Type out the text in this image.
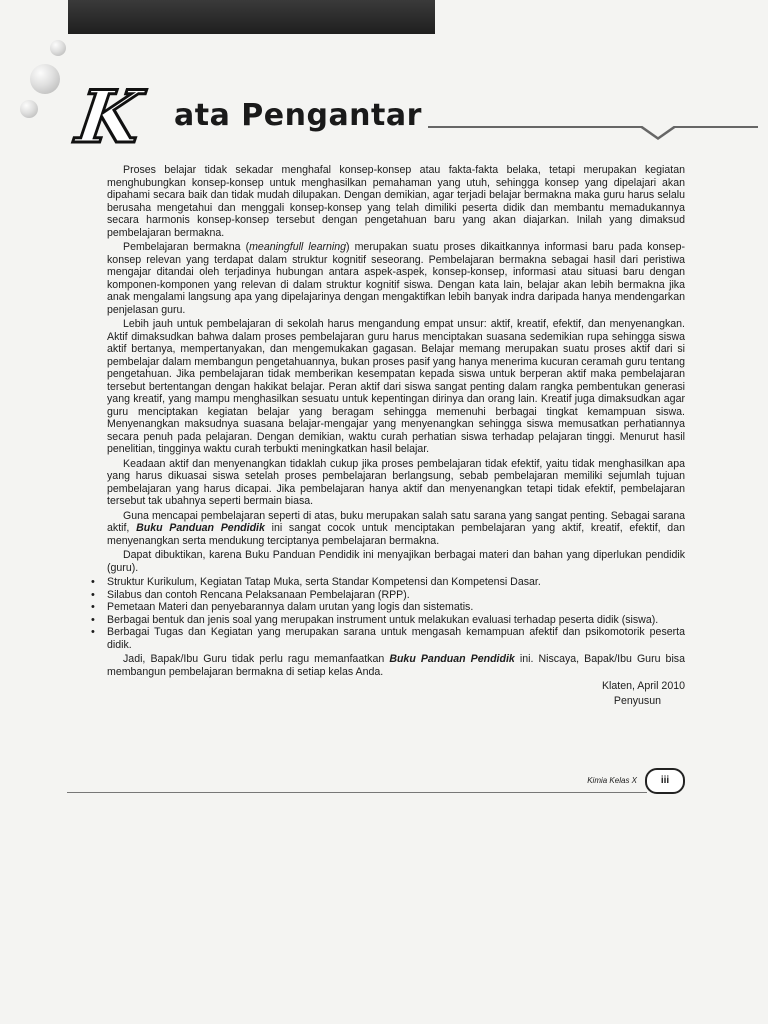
K ata Pengantar

Proses belajar tidak sekadar menghafal konsep-konsep atau fakta-fakta belaka, tetapi merupakan kegiatan menghubungkan konsep-konsep untuk menghasilkan pemahaman yang utuh, sehingga konsep yang dipelajari akan dipahami secara baik dan tidak mudah dilupakan. Dengan demikian, agar terjadi belajar bermakna maka guru harus selalu berusaha mengetahui dan menggali konsep-konsep yang telah dimiliki peserta didik dan membantu memadukannya secara harmonis konsep-konsep tersebut dengan pengetahuan baru yang akan diajarkan. Inilah yang dimaksud pembelajaran bermakna.

Pembelajaran bermakna (meaningfull learning) merupakan suatu proses dikaitkannya informasi baru pada konsep-konsep relevan yang terdapat dalam struktur kognitif seseorang. Pembelajaran bermakna sebagai hasil dari peristiwa mengajar ditandai oleh terjadinya hubungan antara aspek-aspek, konsep-konsep, informasi atau situasi baru dengan komponen-komponen yang relevan di dalam struktur kognitif siswa. Dengan kata lain, belajar akan lebih bermakna jika anak mengalami langsung apa yang dipelajarinya dengan mengaktifkan lebih banyak indra daripada hanya mendengarkan penjelasan guru.

Lebih jauh untuk pembelajaran di sekolah harus mengandung empat unsur: aktif, kreatif, efektif, dan menyenangkan. Aktif dimaksudkan bahwa dalam proses pembelajaran guru harus menciptakan suasana sedemikian rupa sehingga siswa aktif bertanya, mempertanyakan, dan mengemukakan gagasan. Belajar memang merupakan suatu proses aktif dari si pembelajar dalam membangun pengetahuannya, bukan proses pasif yang hanya menerima kucuran ceramah guru tentang pengetahuan. Jika pembelajaran tidak memberikan kesempatan kepada siswa untuk berperan aktif maka pembelajaran tersebut bertentangan dengan hakikat belajar. Peran aktif dari siswa sangat penting dalam rangka pembentukan generasi yang kreatif, yang mampu menghasilkan sesuatu untuk kepentingan dirinya dan orang lain. Kreatif juga dimaksudkan agar guru menciptakan kegiatan belajar yang beragam sehingga memenuhi berbagai tingkat kemampuan siswa. Menyenangkan maksudnya suasana belajar-mengajar yang menyenangkan sehingga siswa memusatkan perhatiannya secara penuh pada pelajaran. Dengan demikian, waktu curah perhatian siswa terhadap pelajaran tinggi. Menurut hasil penelitian, tingginya waktu curah terbukti meningkatkan hasil belajar.

Keadaan aktif dan menyenangkan tidaklah cukup jika proses pembelajaran tidak efektif, yaitu tidak menghasilkan apa yang harus dikuasai siswa setelah proses pembelajaran berlangsung, sebab pembelajaran memiliki sejumlah tujuan pembelajaran yang harus dicapai. Jika pembelajaran hanya aktif dan menyenangkan tetapi tidak efektif, pembelajaran tersebut tak ubahnya seperti bermain biasa.

Guna mencapai pembelajaran seperti di atas, buku merupakan salah satu sarana yang sangat penting. Sebagai sarana aktif, Buku Panduan Pendidik ini sangat cocok untuk menciptakan pembelajaran yang aktif, kreatif, efektif, dan menyenangkan serta mendukung terciptanya pembelajaran bermakna.

Dapat dibuktikan, karena Buku Panduan Pendidik ini menyajikan berbagai materi dan bahan yang diperlukan pendidik (guru).

• Struktur Kurikulum, Kegiatan Tatap Muka, serta Standar Kompetensi dan Kompetensi Dasar.
• Silabus dan contoh Rencana Pelaksanaan Pembelajaran (RPP).
• Pemetaan Materi dan penyebarannya dalam urutan yang logis dan sistematis.
• Berbagai bentuk dan jenis soal yang merupakan instrument untuk melakukan evaluasi terhadap peserta didik (siswa).
• Berbagai Tugas dan Kegiatan yang merupakan sarana untuk mengasah kemampuan afektif dan psikomotorik peserta didik.

Jadi, Bapak/Ibu Guru tidak perlu ragu memanfaatkan Buku Panduan Pendidik ini. Niscaya, Bapak/Ibu Guru bisa membangun pembelajaran bermakna di setiap kelas Anda.

Klaten, April 2010

Penyusun

Kimia Kelas X	iii
